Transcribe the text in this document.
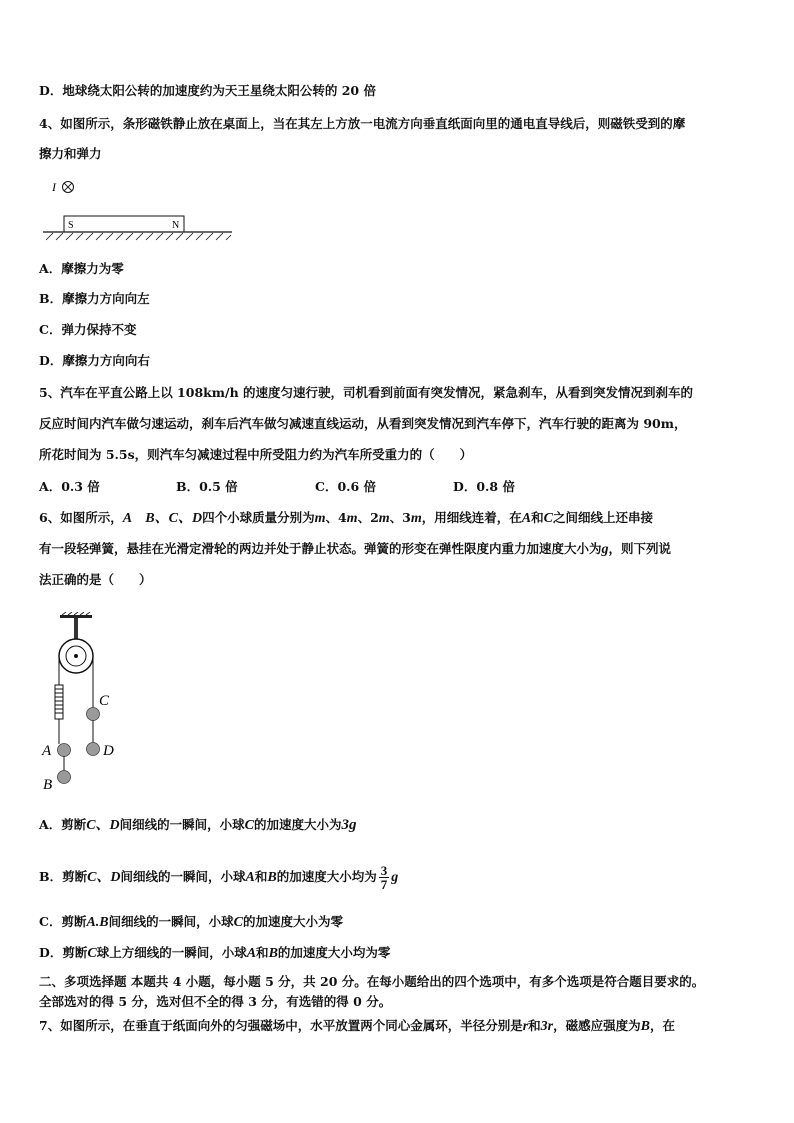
D．地球绕太阳公转的加速度约为天王星绕太阳公转的 20 倍
4、如图所示，条形磁铁静止放在桌面上，当在其左上方放一电流方向垂直纸面向里的通电直导线后，则磁铁受到的摩
擦力和弹力
I
S	N
A．摩擦力为零
B．摩擦力方向向左
C．弹力保持不变
D．摩擦力方向向右
5、汽车在平直公路上以 108km/h 的速度匀速行驶，司机看到前面有突发情况，紧急刹车，从看到突发情况到刹车的
反应时间内汽车做匀速运动，刹车后汽车做匀减速直线运动，从看到突发情况到汽车停下，汽车行驶的距离为 90m，
所花时间为 5.5s，则汽车匀减速过程中所受阻力约为汽车所受重力的（　　）
A．0.3 倍	B．0.5 倍	C．0.6 倍	D．0.8 倍
6、如图所示，A　B、C、D四个小球质量分别为m、4m、2m、3m，用细线连着，在A和C之间细线上还串接
有一段轻弹簧，悬挂在光滑定滑轮的两边并处于静止状态。弹簧的形变在弹性限度内重力加速度大小为g，则下列说
法正确的是（　　）
C
D
A
B
A．剪断C、D间细线的一瞬间，小球C的加速度大小为3g
B．剪断C、D间细线的一瞬间，小球A和B的加速度大小均为 $\frac{3}{7}$ g
C．剪断A.B间细线的一瞬间，小球C的加速度大小为零
D．剪断C球上方细线的一瞬间，小球A和B的加速度大小均为零
二、多项选择题 本题共 4 小题，每小题 5 分，共 20 分。在每小题给出的四个选项中，有多个选项是符合题目要求的。
全部选对的得 5 分，选对但不全的得 3 分，有选错的得 0 分。
7、如图所示，在垂直于纸面向外的匀强磁场中，水平放置两个同心金属环，半径分别是r和3r，磁感应强度为B，在
